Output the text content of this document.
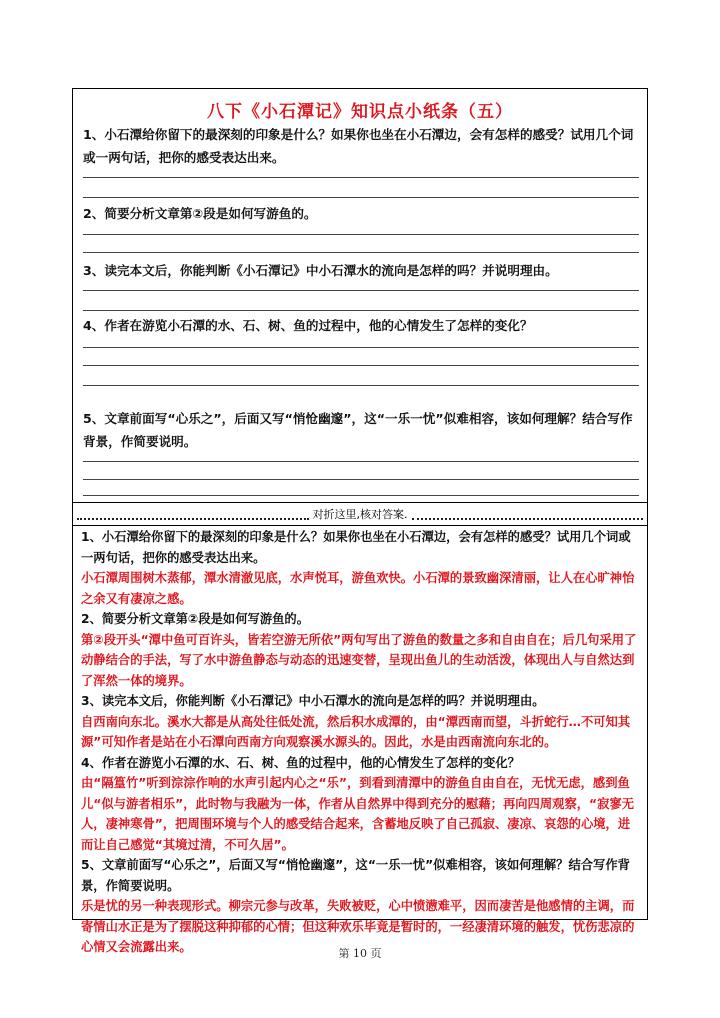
八下《小石潭记》知识点小纸条（五）
1、小石潭给你留下的最深刻的印象是什么？如果你也坐在小石潭边，会有怎样的感受？试用几个词或一两句话，把你的感受表达出来。
2、简要分析文章第②段是如何写游鱼的。
3、读完本文后，你能判断《小石潭记》中小石潭水的流向是怎样的吗？并说明理由。
4、作者在游览小石潭的水、石、树、鱼的过程中，他的心情发生了怎样的变化？
5、文章前面写“心乐之”，后面又写“悄怆幽邃”，这“一乐一忧”似难相容，该如何理解？结合写作背景，作简要说明。
对折这里,核对答案.
1、小石潭给你留下的最深刻的印象是什么？如果你也坐在小石潭边，会有怎样的感受？试用几个词或一两句话，把你的感受表达出来。
小石潭周围树木蒸郁，潭水清澈见底，水声悦耳，游鱼欢快。小石潭的景致幽深清丽，让人在心旷神怡之余又有凄凉之感。
2、简要分析文章第②段是如何写游鱼的。
第②段开头“潭中鱼可百许头，皆若空游无所依”两句写出了游鱼的数量之多和自由自在；后几句采用了动静结合的手法，写了水中游鱼静态与动态的迅速变替，呈现出鱼儿的生动活泼，体现出人与自然达到了浑然一体的境界。
3、读完本文后，你能判断《小石潭记》中小石潭水的流向是怎样的吗？并说明理由。
自西南向东北。溪水大都是从高处往低处流，然后积水成潭的，由“潭西南而望，斗折蛇行…不可知其源”可知作者是站在小石潭向西南方向观察溪水源头的。因此，水是由西南流向东北的。
4、作者在游览小石潭的水、石、树、鱼的过程中，他的心情发生了怎样的变化？
由“隔篁竹”听到淙淙作响的水声引起内心之“乐”，到看到清潭中的游鱼自由自在，无忧无虑，感到鱼儿“似与游者相乐”，此时物与我融为一体，作者从自然界中得到充分的慰藉；再向四周观察，“寂寥无人，凄神寒骨”，把周围环境与个人的感受结合起来，含蓄地反映了自己孤寂、凄凉、哀怨的心境，进而让自己感觉“其境过清，不可久居”。
5、文章前面写“心乐之”，后面又写“悄怆幽邃”，这“一乐一忧”似难相容，该如何理解？结合写作背景，作简要说明。
乐是忧的另一种表现形式。柳宗元参与改革，失败被贬，心中愤懑难平，因而凄苦是他感情的主调，而寄情山水正是为了摆脱这种抑郁的心情；但这种欢乐毕竟是暂时的，一经凄清环境的触发，忧伤悲凉的心情又会流露出来。	第 10 页
